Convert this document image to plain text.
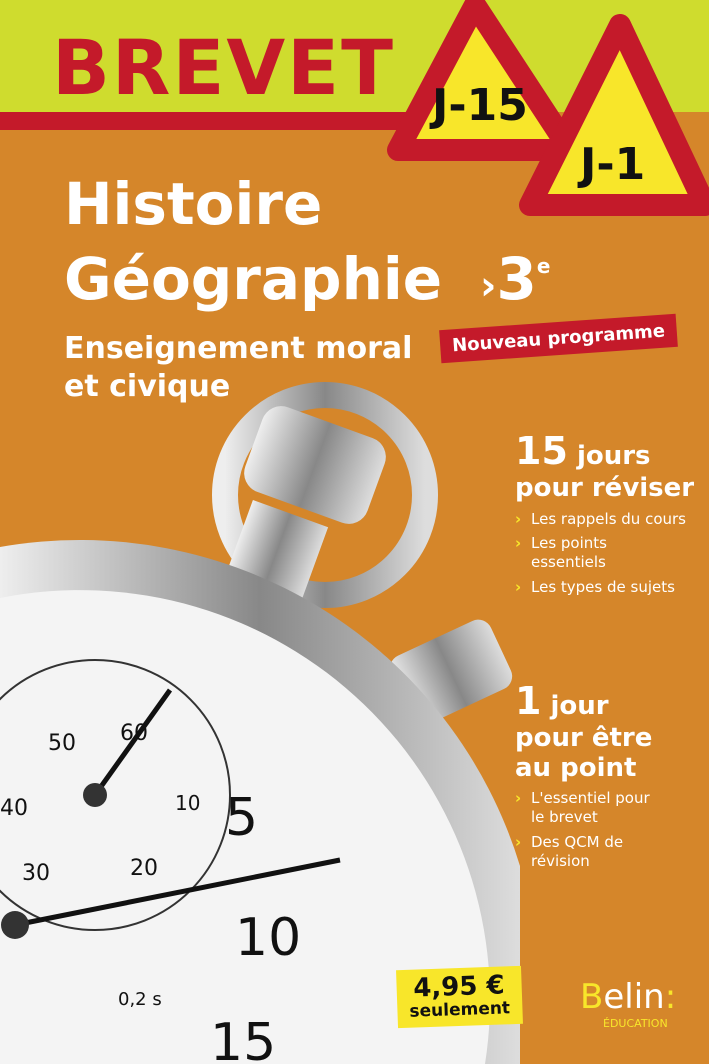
BREVET J-15
J-1
50 60
10
40
30	20
5
10
15
0,2 s
Histoire
Géographie ›3e
Enseignement moral
et civique
Nouveau programme
15 jours
pour réviser
› Les rappels du cours
› Les points essentiels
› Les types de sujets
1 jour
pour être
au point
› L'essentiel pour le brevet
› Des QCM de révision
4,95 €
seulement Belin:
ÉDUCATION
